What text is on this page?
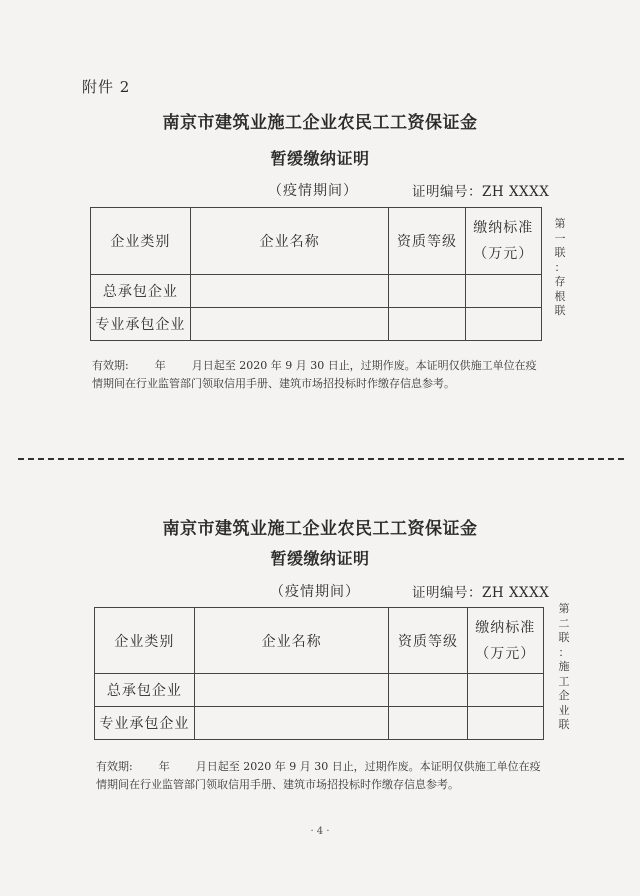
附件 2
南京市建筑业施工企业农民工工资保证金
暂缓缴纳证明
（疫情期间）	证明编号：ZH XXXX
企业类别	企业名称	资质等级	缴纳标准
（万元）
总承包企业			
专业承包企业			
第
一
联
：
存
根
联
有效期: 年 月日起至 2020 年 9 月 30 日止，过期作废。本证明仅供施工单位在疫
情期间在行业监管部门领取信用手册、建筑市场招投标时作缴存信息参考。
南京市建筑业施工企业农民工工资保证金
暂缓缴纳证明
（疫情期间）	证明编号：ZH XXXX
企业类别	企业名称	资质等级	缴纳标准
（万元）
总承包企业			
专业承包企业			
第
二
联
：
施
工
企
业
联
有效期: 年 月日起至 2020 年 9 月 30 日止，过期作废。本证明仅供施工单位在疫
情期间在行业监管部门领取信用手册、建筑市场招投标时作缴存信息参考。
· 4 ·
